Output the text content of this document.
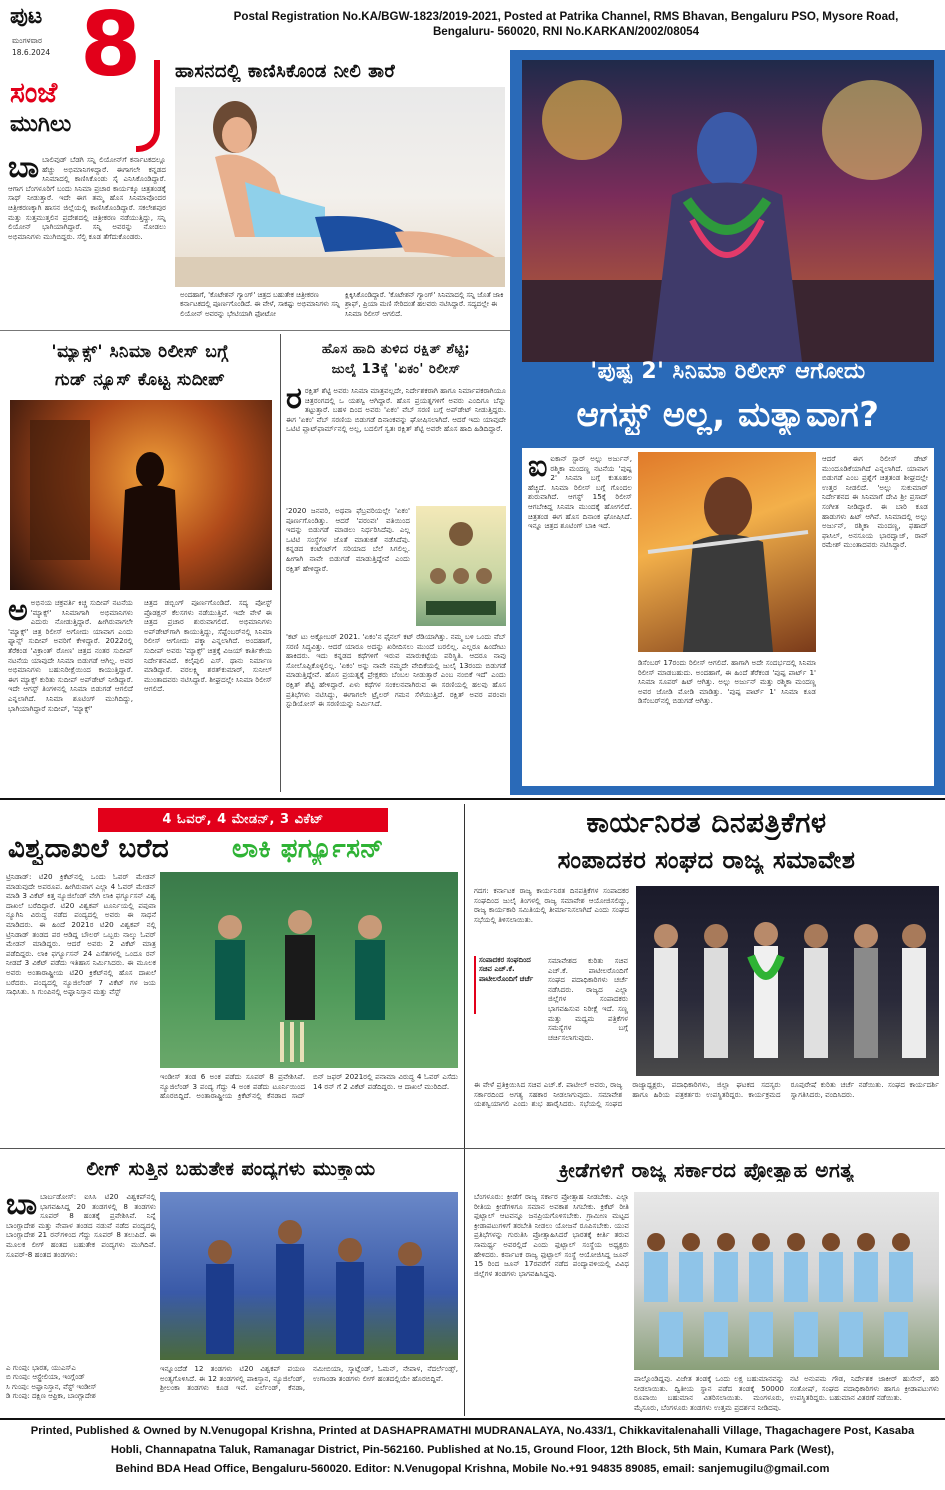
ಪುಟ
ಮಂಗಳವಾರ
18.6.2024 8
ಸಂಜೆ
ಮುಗಿಲು
Postal Registration No.KA/BGW-1823/2019-2021, Posted at Patrika Channel, RMS Bhavan, Bengaluru PSO, Mysore Road,
Bengaluru- 560020, RNI No.KARKAN/2002/08054
ಹಾಸನದಲ್ಲಿ ಕಾಣಿಸಿಕೊಂಡ ನೀಲಿ ತಾರೆ
ಬಾಬಾಲಿವುಡ್ ಬೆಡಗಿ ಸನ್ನಿ ಲಿಯೋನ್‌ಗೆ ಕರ್ನಾಟಕದಲ್ಲೂ ಹೆಚ್ಚು ಅಭಿಮಾನಿಗಳಿದ್ದಾರೆ. ಈಗಾಗಲೇ ಕನ್ನಡದ ಸಿನಿಮಾದಲ್ಲಿ ಕಾಣಿಸಿಕೊಂಡು ಸೈ ಎನಿಸಿಕೊಂಡಿದ್ದಾರೆ. ಆಗಾಗ ಬೆಂಗಳೂರಿಗೆ ಬಂದು ಸಿನಿಮಾ ಪ್ರಚಾರ ಕಾರ್ಯಕ್ಕೂ ಚಿತ್ರತಂಡಕ್ಕೆ ಸಾಥ್ ನೀಡುತ್ತಾರೆ. ಇದೇ ಈಗ ತಮ್ಮ ಹೊಸ ಸಿನಿಮಾವೊಂದರ ಚಿತ್ರೀಕರಣಕ್ಕಾಗಿ ಹಾಸನ ಜಿಲ್ಲೆಯಲ್ಲಿ ಕಾಣಿಸಿಕೊಂಡಿದ್ದಾರೆ. ಸಕಲೇಶಪುರ ಮತ್ತು ಸುತ್ತಮುತ್ತಲಿನ ಪ್ರದೇಶದಲ್ಲಿ ಚಿತ್ರೀಕರಣ ನಡೆಯುತ್ತಿದ್ದು, ಸನ್ನಿ ಲಿಯೋನ್ ಭಾಗಿಯಾಗಿದ್ದಾರೆ. ಸನ್ನಿ ಅವರನ್ನು ನೋಡಲು ಅಭಿಮಾನಿಗಳು ಮುಗಿಬಿದ್ದರು. ಸೆಲ್ಫಿ ಕೂಡ ತೆಗೆದುಕೊಂಡರು.
ಅಂದಹಾಗೆ, 'ಕೊಟೇಶನ್ ಗ್ಯಾಂಗ್' ಚಿತ್ರದ ಬಹುತೇಕ ಚಿತ್ರೀಕರಣ ಕರ್ನಾಟಕದಲ್ಲಿ ಪೂರ್ಣಗೊಂಡಿದೆ. ಈ ವೇಳೆ, ಸಾಕಷ್ಟು ಅಭಿಮಾನಿಗಳು ಸನ್ನಿ ಲಿಯೋನ್ ಅವರನ್ನು ಭೇಟಿಯಾಗಿ ಫೋಟೋ
ಕ್ಲಿಕ್ಕಿಸಿಕೊಂಡಿದ್ದಾರೆ. 'ಕೊಟೇಶನ್ ಗ್ಯಾಂಗ್' ಸಿನಿಮಾದಲ್ಲಿ ಸನ್ನಿ ಜೊತೆ ಜಾಕಿ ಶ್ರಾಫ್, ಪ್ರಿಯಾ ಮಣಿ ಸೇರಿದಂತೆ ಹಲವರು ನಟಿಸಿದ್ದಾರೆ. ಸದ್ಯದಲ್ಲೇ ಈ ಸಿನಿಮಾ ರಿಲೀಸ್ ಆಗಲಿದೆ.
'ಪುಷ್ಪ 2' ಸಿನಿಮಾ ರಿಲೀಸ್ ಆಗೋದು
ಆಗಸ್ಟ್ ಅಲ್ಲ, ಮತ್ಯಾವಾಗ?
ಐಐಕಾನ್ ಸ್ಟಾರ್ ಅಲ್ಲು ಅರ್ಜುನ್, ರಶ್ಮಿಕಾ ಮಂದಣ್ಣ ನಟನೆಯ 'ಪುಷ್ಪ 2' ಸಿನಿಮಾ ಬಗ್ಗೆ ಕುತೂಹಲ ಹೆಚ್ಚಿದೆ. ಸಿನಿಮಾ ರಿಲೀಸ್ ಬಗ್ಗೆ ಗೊಂದಲ ಶುರುವಾಗಿದೆ. ಆಗಸ್ಟ್ 15ಕ್ಕೆ ರಿಲೀಸ್ ಆಗಬೇಕಿದ್ದ ಸಿನಿಮಾ ಮುಂದಕ್ಕೆ ಹೋಗಲಿದೆ. ಚಿತ್ರತಂಡ ಈಗ ಹೊಸ ದಿನಾಂಕ ಘೋಷಿಸಿದೆ. ಇನ್ನೂ ಚಿತ್ರದ ಶೂಟಿಂಗ್ ಬಾಕಿ ಇದೆ.
ಡಿಸೆಂಬರ್ 17ರಂದು ರಿಲೀಸ್ ಆಗಲಿದೆ. ಹಾಗಾಗಿ ಅದೇ ಸಂದರ್ಭದಲ್ಲಿ ಸಿನಿಮಾ ರಿಲೀಸ್ ಮಾಡಬಹುದು. ಅಂದಹಾಗೆ, ಈ ಹಿಂದೆ ತೆರೆಕಂಡ 'ಪುಷ್ಪ ಪಾರ್ಟ್ 1' ಸಿನಿಮಾ ಸೂಪರ್ ಹಿಟ್ ಆಗಿತ್ತು. ಅಲ್ಲು ಅರ್ಜುನ್ ಮತ್ತು ರಶ್ಮಿಕಾ ಮಂದಣ್ಣ ಅವರ ಜೋಡಿ ಮೋಡಿ ಮಾಡಿತ್ತು. 'ಪುಷ್ಪ ಪಾರ್ಟ್ 1' ಸಿನಿಮಾ ಕೂಡ ಡಿಸೆಂಬರ್‌ನಲ್ಲಿ ಬಿಡುಗಡೆ ಆಗಿತ್ತು.
ಆದರೆ ಈಗ ರಿಲೀಸ್ ಡೇಟ್ ಮುಂದೂಡಿಕೆಯಾಗಿದೆ ಎನ್ನಲಾಗಿದೆ. ಯಾವಾಗ ಬಿಡುಗಡೆ ಎಂಬ ಪ್ರಶ್ನೆಗೆ ಚಿತ್ರತಂಡ ಶೀಘ್ರದಲ್ಲೇ ಉತ್ತರ ನೀಡಲಿದೆ. 'ಅಲ್ಲು ಸುಕುಮಾರ್ ನಿರ್ದೇಶನದ ಈ ಸಿನಿಮಾಗೆ ದೇವಿ ಶ್ರೀ ಪ್ರಸಾದ್ ಸಂಗೀತ ನೀಡಿದ್ದಾರೆ. ಈ ಬಾರಿ ಕೂಡ ಹಾಡುಗಳು ಹಿಟ್ ಆಗಿವೆ. ಸಿನಿಮಾದಲ್ಲಿ ಅಲ್ಲು ಅರ್ಜುನ್, ರಶ್ಮಿಕಾ ಮಂದಣ್ಣ, ಫಹಾದ್ ಫಾಸಿಲ್, ಅನಸೂಯ ಭಾರದ್ವಾಜ್, ರಾವ್ ರಮೇಶ್ ಮುಂತಾದವರು ನಟಿಸಿದ್ದಾರೆ.
'ಮ್ಯಾಕ್ಸ್' ಸಿನಿಮಾ ರಿಲೀಸ್ ಬಗ್ಗೆ
ಗುಡ್ ನ್ಯೂಸ್ ಕೊಟ್ಟ ಸುದೀಪ್
ಅಅಭಿನಯ ಚಕ್ರವರ್ತಿ ಕಿಚ್ಚ ಸುದೀಪ್ ನಟನೆಯ 'ಮ್ಯಾಕ್ಸ್' ಸಿನಿಮಾಗಾಗಿ ಅಭಿಮಾನಿಗಳು ಎದುರು ನೋಡುತ್ತಿದ್ದಾರೆ. ಹೀಗಿರುವಾಗಲೇ 'ಮ್ಯಾಕ್ಸ್' ಚಿತ್ರ ರಿಲೀಸ್ ಅಗೋದು ಯಾವಾಗ ಎಂದು ಫ್ಯಾನ್ಸ್ ಸುದೀಪ್ ಅವರಿಗೆ ಕೇಳಿದ್ದಾರೆ. 2022ರಲ್ಲಿ ತೆರೆಕಂಡ 'ವಿಕ್ರಾಂತ್ ರೋಣ' ಚಿತ್ರದ ನಂತರ ಸುದೀಪ್ ನಟನೆಯ ಯಾವುದೇ ಸಿನಿಮಾ ಬಿಡುಗಡೆ ಆಗಿಲ್ಲ. ಅವರ ಅಭಿಮಾನಿಗಳು ಬಹುನಿರೀಕ್ಷೆಯಿಂದ ಕಾಯುತ್ತಿದ್ದಾರೆ. ಈಗ ಮ್ಯಾಕ್ಸ್ ಕುರಿತು ಸುದೀಪ್ ಅಪ್‌ಡೇಟ್ ನೀಡಿದ್ದಾರೆ. ಇದೇ ಆಗಸ್ಟ್ ತಿಂಗಳಿನಲ್ಲಿ ಸಿನಿಮಾ ಬಿಡುಗಡೆ ಆಗಲಿದೆ ಎನ್ನಲಾಗಿದೆ. ಸಿನಿಮಾ ಶೂಟಿಂಗ್ ಮುಗಿದಿದ್ದು, ಭಾಗಿಯಾಗಿದ್ದಾರೆ ಸುದೀಪ್, 'ಮ್ಯಾಕ್ಸ್'
ಚಿತ್ರದ ಡಬ್ಬಿಂಗ್ ಪೂರ್ಣಗೊಂಡಿದೆ. ಸದ್ಯ ಪೋಸ್ಟ್ ಪ್ರೊಡಕ್ಷನ್ ಕೆಲಸಗಳು ನಡೆಯುತ್ತಿವೆ. ಇದೇ ವೇಳೆ ಈ ಚಿತ್ರದ ಪ್ರಚಾರ ಶುರುವಾಗಲಿದೆ. ಅಭಿಮಾನಿಗಳು ಅಪ್‌ಡೇಟ್‌ಗಾಗಿ ಕಾಯುತ್ತಿದ್ದು, ಸೆಪ್ಟೆಂಬರ್‌ನಲ್ಲಿ ಸಿನಿಮಾ ರಿಲೀಸ್ ಆಗೋದು ಪಕ್ಕಾ ಎನ್ನಲಾಗಿದೆ. ಅಂದಹಾಗೆ, ಸುದೀಪ್ ಅವರು 'ಮ್ಯಾಕ್ಸ್' ಚಿತ್ರಕ್ಕೆ ವಿಜಯ್ ಕಾರ್ತಿಕೇಯ ನಿರ್ದೇಶನವಿದೆ. ಕಲೈಪುಲಿ ಎಸ್. ಥಾನು ನಿರ್ಮಾಣ ಮಾಡಿದ್ದಾರೆ. ವರಲಕ್ಷ್ಮಿ ಶರತ್‌ಕುಮಾರ್, ಸುನೀಲ್ ಮುಂತಾದವರು ನಟಿಸಿದ್ದಾರೆ. ಶೀಘ್ರದಲ್ಲೇ ಸಿನಿಮಾ ರಿಲೀಸ್ ಆಗಲಿದೆ.
ಹೊಸ ಹಾದಿ ತುಳಿದ ರಕ್ಷಿತ್ ಶೆಟ್ಟಿ;
ಜುಲೈ 13ಕ್ಕೆ 'ಏಕಂ' ರಿಲೀಸ್
ರರಕ್ಷಿತ್ ಶೆಟ್ಟಿ ಅವರು ಸಿನಿಮಾ ಮಾತ್ರವಲ್ಲದೇ, ನಿರ್ದೇಶಕರಾಗಿ ಹಾಗೂ ನಿರ್ಮಾಪಕರಾಗಿಯೂ ಚಿತ್ರರಂಗದಲ್ಲಿ ಒ ಯಶಸ್ವಿ ಆಗಿದ್ದಾರೆ. ಹೊಸ ಪ್ರಯತ್ನಗಳಿಗೆ ಅವರು ಎಂದಿಗೂ ಬೆನ್ನು ತಟ್ಟುತ್ತಾರೆ. ಬಹಳ ದಿಂದ ಅವರು 'ಏಕಂ' ವೆಬ್ ಸರಣಿ ಬಗ್ಗೆ ಅಪ್‌ಡೇಟ್ ನೀಡುತ್ತಿದ್ದರು. ಈಗ 'ಏಕಂ' ವೆಬ್ ಸರಣಿಯ ಬಿಡುಗಡೆ ದಿನಾಂಕವನ್ನು ಘೋಷಿಸಲಾಗಿದೆ. ಆದರೆ ಇದು ಯಾವುದೇ ಒಟಿಟಿ ಪ್ಲಾಟ್‌ಫಾರ್ಮ್‌ನಲ್ಲಿ ಅಲ್ಲ, ಬದಲಿಗೆ ಸ್ವತಃ ರಕ್ಷಿತ್ ಶೆಟ್ಟಿ ಅವರೇ ಹೊಸ ಹಾದಿ ಹಿಡಿದಿದ್ದಾರೆ.
'2020 ಜನವರಿ, ಅಥವಾ ಫೆಬ್ರವರಿಯಲ್ಲೇ 'ಏಕಂ' ಪೂರ್ಣಗೊಂಡಿತ್ತು. ಆದರೆ 'ಪರಂವಃ' ವತಿಯಿಂದ ಇದನ್ನು ಬಿಡುಗಡೆ ಮಾಡಲು ನಿರ್ಧರಿಸಿದೆವು. ಎಲ್ಲ ಒಟಿಟಿ ಸಂಸ್ಥೆಗಳ ಜೊತೆ ಮಾತುಕತೆ ನಡೆಸಿದೆವು. ಕನ್ನಡದ ಕಂಟೆಂಟ್‌ಗೆ ಸರಿಯಾದ ಬೆಲೆ ಸಿಗಲಿಲ್ಲ. ಹೀಗಾಗಿ ನಾವೇ ಬಿಡುಗಡೆ ಮಾಡುತ್ತಿದ್ದೇವೆ ಎಂದು ರಕ್ಷಿತ್ ಹೇಳಿದ್ದಾರೆ.
'ಕಟ್ ಟು ಅಕ್ಟೋಬರ್ 2021. 'ಏಕಂ'ನ ಫೈನಲ್ ಕಟ್ ರೆಡಿಯಾಗಿತ್ತು. ನಮ್ಮ ಬಳಿ ಒಂದು ವೆಬ್ ಸರಣಿ ಸಿದ್ಧವಿತ್ತು. ಆದರೆ ಯಾರೂ ಅದನ್ನು ಖರೀದಿಸಲು ಮುಂದೆ ಬರಲಿಲ್ಲ. ಎಲ್ಲರೂ ಹಿಂದೇಟು ಹಾಕಿದರು. ಇದು ಕನ್ನಡದ ಕಥೆಗಳಿಗೆ ಇರುವ ಮಾರುಕಟ್ಟೆಯ ಪರಿಸ್ಥಿತಿ. ಆದರೂ ನಾವು ಸೋಲೊಪ್ಪಿಕೊಳ್ಳಲಿಲ್ಲ. 'ಏಕಂ' ಅನ್ನು ನಾವೇ ನಮ್ಮದೇ ವೇದಿಕೆಯಲ್ಲಿ ಜುಲೈ 13ರಂದು ಬಿಡುಗಡೆ ಮಾಡುತ್ತಿದ್ದೇವೆ. ಹೊಸ ಪ್ರಯತ್ನಕ್ಕೆ ಪ್ರೇಕ್ಷಕರು ಬೆಂಬಲ ನೀಡುತ್ತಾರೆ ಎಂಬ ನಂಬಿಕೆ ಇದೆ' ಎಂದು ರಕ್ಷಿತ್ ಶೆಟ್ಟಿ ಹೇಳಿದ್ದಾರೆ. ಏಳು ಕಥೆಗಳ ಸಂಕಲನವಾಗಿರುವ ಈ ಸರಣಿಯಲ್ಲಿ ಹಲವು ಹೊಸ ಪ್ರತಿಭೆಗಳು ನಟಿಸಿದ್ದು, ಈಗಾಗಲೇ ಟ್ರೈಲರ್ ಗಮನ ಸೆಳೆಯುತ್ತಿದೆ. ರಕ್ಷಿತ್ ಅವರ ಪರಂವಃ ಸ್ಟುಡಿಯೋಸ್ ಈ ಸರಣಿಯನ್ನು ನಿರ್ಮಿಸಿದೆ.
4 ಓವರ್, 4 ಮೇಡನ್, 3 ವಿಕೆಟ್
ವಿಶ್ವದಾಖಲೆ ಬರೆದ ಲಾಕಿ ಫರ್ಗ್ಯೂಸನ್
ಟ್ರಿನಿಡಾಡ್: ಟಿ20 ಕ್ರಿಕೆಟ್‌ನಲ್ಲಿ ಒಂದು ಓವರ್ ಮೇಡನ್ ಮಾಡುವುದೇ ಅಪರೂಪ. ಹೀಗಿರುವಾಗ ಎಲ್ಲಾ 4 ಓವರ್ ಮೇಡನ್ ಮಾಡಿ 3 ವಿಕೆಟ್ ಕಿತ್ತ ನ್ಯೂಜಿಲೆಂಡ್ ವೇಗಿ ಲಾಕಿ ಫರ್ಗ್ಯೂಸನ್ ವಿಶ್ವ ದಾಖಲೆ ಬರೆದಿದ್ದಾರೆ. ಟಿ20 ವಿಶ್ವಕಪ್ ಟೂರ್ನಿಯಲ್ಲಿ ಪಪುವಾ ನ್ಯೂಗಿನಿ ವಿರುದ್ಧ ನಡೆದ ಪಂದ್ಯದಲ್ಲಿ ಅವರು ಈ ಸಾಧನೆ ಮಾಡಿದರು. ಈ ಹಿಂದೆ 2021ರ ಟಿ20 ವಿಶ್ವಕಪ್ ನಲ್ಲಿ ಟ್ರಿನಿಡಾಡ್ ತಂಡದ ಪರ ಆಡಿದ್ದ ಬೌಲರ್ ಒಬ್ಬರು ನಾಲ್ಕು ಓವರ್ ಮೇಡನ್ ಮಾಡಿದ್ದರು. ಆದರೆ ಅವರು 2 ವಿಕೆಟ್ ಮಾತ್ರ ಪಡೆದಿದ್ದರು. ಲಾಕಿ ಫರ್ಗ್ಯೂಸನ್ 24 ಎಸೆತಗಳಲ್ಲಿ ಒಂದೂ ರನ್ ನೀಡದೆ 3 ವಿಕೆಟ್ ಪಡೆದು ಇತಿಹಾಸ ನಿರ್ಮಿಸಿದರು. ಈ ಮೂಲಕ ಅವರು ಅಂತಾರಾಷ್ಟ್ರೀಯ ಟಿ20 ಕ್ರಿಕೆಟ್‌ನಲ್ಲಿ ಹೊಸ ದಾಖಲೆ ಬರೆದರು. ಪಂದ್ಯದಲ್ಲಿ ನ್ಯೂಜಿಲೆಂಡ್ 7 ವಿಕೆಟ್ ಗಳ ಜಯ ಸಾಧಿಸಿತು. ಸಿ ಗುಂಪಿನಲ್ಲಿ ಅಫ್ಘಾನಿಸ್ತಾನ ಮತ್ತು ವೆಸ್ಟ್
ಇಂಡೀಸ್ ತಂಡ 6 ಅಂಕ ಪಡೆದು ಸೂಪರ್ 8 ಪ್ರವೇಶಿಸಿವೆ. ನ್ಯೂಜಿಲೆಂಡ್ 3 ಪಂದ್ಯ ಗೆದ್ದು 4 ಅಂಕ ಪಡೆದು ಟೂರ್ನಿಯಿಂದ ಹೊರಬಿದ್ದಿದೆ. ಅಂತಾರಾಷ್ಟ್ರೀಯ ಕ್ರಿಕೆಟ್‌ನಲ್ಲಿ ಕೆನಡಾದ ಸಾದ್ ಬಿನ್ ಜಫರ್ 2021ರಲ್ಲಿ ಪನಾಮಾ ವಿರುದ್ಧ 4 ಓವರ್ ಎಸೆದು 14 ರನ್ ಗೆ 2 ವಿಕೆಟ್ ಪಡೆದಿದ್ದರು. ಆ ದಾಖಲೆ ಮುರಿದಿದೆ.
ಕಾರ್ಯನಿರತ ದಿನಪತ್ರಿಕೆಗಳ
ಸಂಪಾದಕರ ಸಂಘದ ರಾಜ್ಯ ಸಮಾವೇಶ
ಗದಗ: ಕರ್ನಾಟಕ ರಾಜ್ಯ ಕಾರ್ಯನಿರತ ದಿನಪತ್ರಿಕೆಗಳ ಸಂಪಾದಕರ ಸಂಘದಿಂದ ಜುಲೈ ತಿಂಗಳಲ್ಲಿ ರಾಜ್ಯ ಸಮಾವೇಶ ಆಯೋಜಿಸಲಿದ್ದು, ರಾಜ್ಯ ಕಾರ್ಯಕಾರಿ ಸಮಿತಿಯಲ್ಲಿ ತೀರ್ಮಾನಿಸಲಾಗಿದೆ ಎಂದು ಸಂಘದ ಸಭೆಯಲ್ಲಿ ತಿಳಿಸಲಾಯಿತು.
ಸಂಪಾದಕರ ಸಂಘದಿಂದ ಸಚಿವ ಎಚ್.ಕೆ. ಪಾಟೀಲರೊಂದಿಗೆ ಚರ್ಚೆ
ಸಮಾವೇಶದ ಕುರಿತು ಸಚಿವ ಎಚ್.ಕೆ. ಪಾಟೀಲರೊಂದಿಗೆ ಸಂಘದ ಪದಾಧಿಕಾರಿಗಳು ಚರ್ಚೆ ನಡೆಸಿದರು. ರಾಜ್ಯದ ಎಲ್ಲಾ ಜಿಲ್ಲೆಗಳ ಸಂಪಾದಕರು ಭಾಗವಹಿಸುವ ನಿರೀಕ್ಷೆ ಇದೆ. ಸಣ್ಣ ಮತ್ತು ಮಧ್ಯಮ ಪತ್ರಿಕೆಗಳ ಸಮಸ್ಯೆಗಳ ಬಗ್ಗೆ ಚರ್ಚಿಸಲಾಗುವುದು.
ಈ ವೇಳೆ ಪ್ರತಿಕ್ರಿಯಿಸಿದ ಸಚಿವ ಎಚ್.ಕೆ. ಪಾಟೀಲ್ ಅವರು, ರಾಜ್ಯ ಸರ್ಕಾರದಿಂದ ಅಗತ್ಯ ಸಹಕಾರ ನೀಡಲಾಗುವುದು. ಸಮಾವೇಶ ಯಶಸ್ವಿಯಾಗಲಿ ಎಂದು ಶುಭ ಹಾರೈಸಿದರು. ಸಭೆಯಲ್ಲಿ ಸಂಘದ ರಾಜ್ಯಾಧ್ಯಕ್ಷರು, ಪದಾಧಿಕಾರಿಗಳು, ಜಿಲ್ಲಾ ಘಟಕದ ಸದಸ್ಯರು ಹಾಗೂ ಹಿರಿಯ ಪತ್ರಕರ್ತರು ಉಪಸ್ಥಿತರಿದ್ದರು. ಕಾರ್ಯಕ್ರಮದ ರೂಪುರೇಷೆ ಕುರಿತು ಚರ್ಚೆ ನಡೆಯಿತು. ಸಂಘದ ಕಾರ್ಯದರ್ಶಿ ಸ್ವಾಗತಿಸಿದರು, ವಂದಿಸಿದರು.
ಲೀಗ್ ಸುತ್ತಿನ ಬಹುತೇಕ ಪಂದ್ಯಗಳು ಮುಕ್ತಾಯ
ಬಾಬಾರ್ಬಡೋಸ್: ಐಸಿಸಿ ಟಿ20 ವಿಶ್ವಕಪ್‌ನಲ್ಲಿ ಭಾಗವಹಿಸಿದ್ದ 20 ತಂಡಗಳಲ್ಲಿ 8 ತಂಡಗಳು ಸೂಪರ್ 8 ಹಂತಕ್ಕೆ ಪ್ರವೇಶಿಸಿವೆ. ನಿನ್ನೆ ಬಾಂಗ್ಲಾದೇಶ ಮತ್ತು ನೇಪಾಳ ತಂಡದ ನಡುವೆ ನಡೆದ ಪಂದ್ಯದಲ್ಲಿ ಬಾಂಗ್ಲಾದೇಶ 21 ರನ್‌ಗಳಿಂದ ಗೆದ್ದು ಸೂಪರ್ 8 ತಲುಪಿದೆ. ಈ ಮೂಲಕ ಲೀಗ್ ಹಂತದ ಬಹುತೇಕ ಪಂದ್ಯಗಳು ಮುಗಿದಿವೆ. ಸೂಪರ್-8 ಹಂತದ ತಂಡಗಳು:
ಎ ಗುಂಪು: ಭಾರತ, ಯುಎಸ್ಎ
ಬಿ ಗುಂಪು: ಆಸ್ಟ್ರೇಲಿಯಾ, ಇಂಗ್ಲೆಂಡ್
ಸಿ ಗುಂಪು: ಅಫ್ಘಾನಿಸ್ತಾನ, ವೆಸ್ಟ್ ಇಂಡೀಸ್
ಡಿ ಗುಂಪು: ದಕ್ಷಿಣ ಆಫ್ರಿಕಾ, ಬಾಂಗ್ಲಾದೇಶ
ಇನ್ನೂಂದೆಡೆ 12 ತಂಡಗಳು ಟಿ20 ವಿಶ್ವಕಪ್ ಪಯಣ ಅಂತ್ಯಗೊಳಿಸಿದೆ. ಈ 12 ತಂಡಗಳಲ್ಲಿ ಪಾಕಿಸ್ತಾನ, ನ್ಯೂಜಿಲೆಂಡ್, ಶ್ರೀಲಂಕಾ ತಂಡಗಳು ಕೂಡ ಇವೆ. ಐರ್ಲೆಂಡ್, ಕೆನಡಾ, ನಮೀಬಿಯಾ, ಸ್ಕಾಟ್ಲೆಂಡ್, ಓಮನ್, ನೇಪಾಳ, ನೆದರ್ಲೆಂಡ್ಸ್, ಉಗಾಂಡಾ ತಂಡಗಳು ಲೀಗ್ ಹಂತದಲ್ಲಿಯೇ ಹೊರಬಿದ್ದಿವೆ.
ಕ್ರೀಡೆಗಳಿಗೆ ರಾಜ್ಯ ಸರ್ಕಾರದ ಪ್ರೋತ್ಸಾಹ ಅಗತ್ಯ
ಬೆಂಗಳೂರು: ಕ್ರೀಡೆಗೆ ರಾಜ್ಯ ಸರ್ಕಾರ ಪ್ರೋತ್ಸಾಹ ನೀಡಬೇಕು. ಎಲ್ಲಾ ರೀತಿಯ ಕ್ರೀಡೆಗಳಿಗೂ ಸಮಾನ ಅವಕಾಶ ಸಿಗಬೇಕು. ಕ್ರಿಕೆಟ್ ರೀತಿ ಫುಟ್ಬಾಲ್ ಆಟವನ್ನೂ ಜನಪ್ರಿಯಗೊಳಿಸಬೇಕು. ಗ್ರಾಮೀಣ ಮಟ್ಟದ ಕ್ರೀಡಾಪಟುಗಳಿಗೆ ತರಬೇತಿ ನೀಡಲು ಯೋಜನೆ ರೂಪಿಸಬೇಕು. ಯುವ ಪ್ರತಿಭೆಗಳನ್ನು ಗುರುತಿಸಿ ಪ್ರೋತ್ಸಾಹಿಸಿದರೆ ಭಾರತಕ್ಕೆ ಕೀರ್ತಿ ತರುವ ಸಾಮರ್ಥ್ಯ ಅವರಲ್ಲಿದೆ ಎಂದು ಫುಟ್ಬಾಲ್ ಸಂಸ್ಥೆಯ ಅಧ್ಯಕ್ಷರು ಹೇಳಿದರು. ಕರ್ನಾಟಕ ರಾಜ್ಯ ಫುಟ್ಬಾಲ್ ಸಂಸ್ಥೆ ಆಯೋಜಿಸಿದ್ದ ಜೂನ್ 15 ರಿಂದ ಜೂನ್ 17ರವರೆಗೆ ನಡೆದ ಪಂದ್ಯಾವಳಿಯಲ್ಲಿ ವಿವಿಧ ಜಿಲ್ಲೆಗಳ ತಂಡಗಳು ಭಾಗವಹಿಸಿದ್ದವು.
ಪಾಲ್ಗೊಂಡಿದ್ದವು. ವಿಜೇತ ತಂಡಕ್ಕೆ ಒಂದು ಲಕ್ಷ ಬಹುಮಾನವನ್ನು ನೀಡಲಾಯಿತು. ದ್ವಿತೀಯ ಸ್ಥಾನ ಪಡೆದ ತಂಡಕ್ಕೆ 50000 ರೂಪಾಯಿ ಬಹುಮಾನ ವಿತರಿಸಲಾಯಿತು. ಮಂಗಳೂರು, ಮೈಸೂರು, ಬೆಂಗಳೂರು ತಂಡಗಳು ಉತ್ತಮ ಪ್ರದರ್ಶನ ನೀಡಿದವು.
ನಟಿ ಅನುಪಮ ಗೌಡ, ನಿರ್ದೇಶಕ ಜಾಕೀರ್ ಹುಸೇನ್, ಹರಿ ಸಂತೋಷ್, ಸಂಘದ ಪದಾಧಿಕಾರಿಗಳು ಹಾಗೂ ಕ್ರೀಡಾಪಟುಗಳು ಉಪಸ್ಥಿತರಿದ್ದರು. ಬಹುಮಾನ ವಿತರಣೆ ನಡೆಯಿತು.
Printed, Published & Owned by N.Venugopal Krishna, Printed at DASHAPRAMATHI MUDRANALAYA, No.433/1, Chikkavitalenahalli Village, Thagachagere Post, Kasaba
Hobli, Channapatna Taluk, Ramanagar District, Pin-562160. Published at No.15, Ground Floor, 12th Block, 5th Main, Kumara Park (West),
Behind BDA Head Office, Bengaluru-560020. Editor: N.Venugopal Krishna, Mobile No.+91 94835 89085, email: sanjemugilu@gmail.com
